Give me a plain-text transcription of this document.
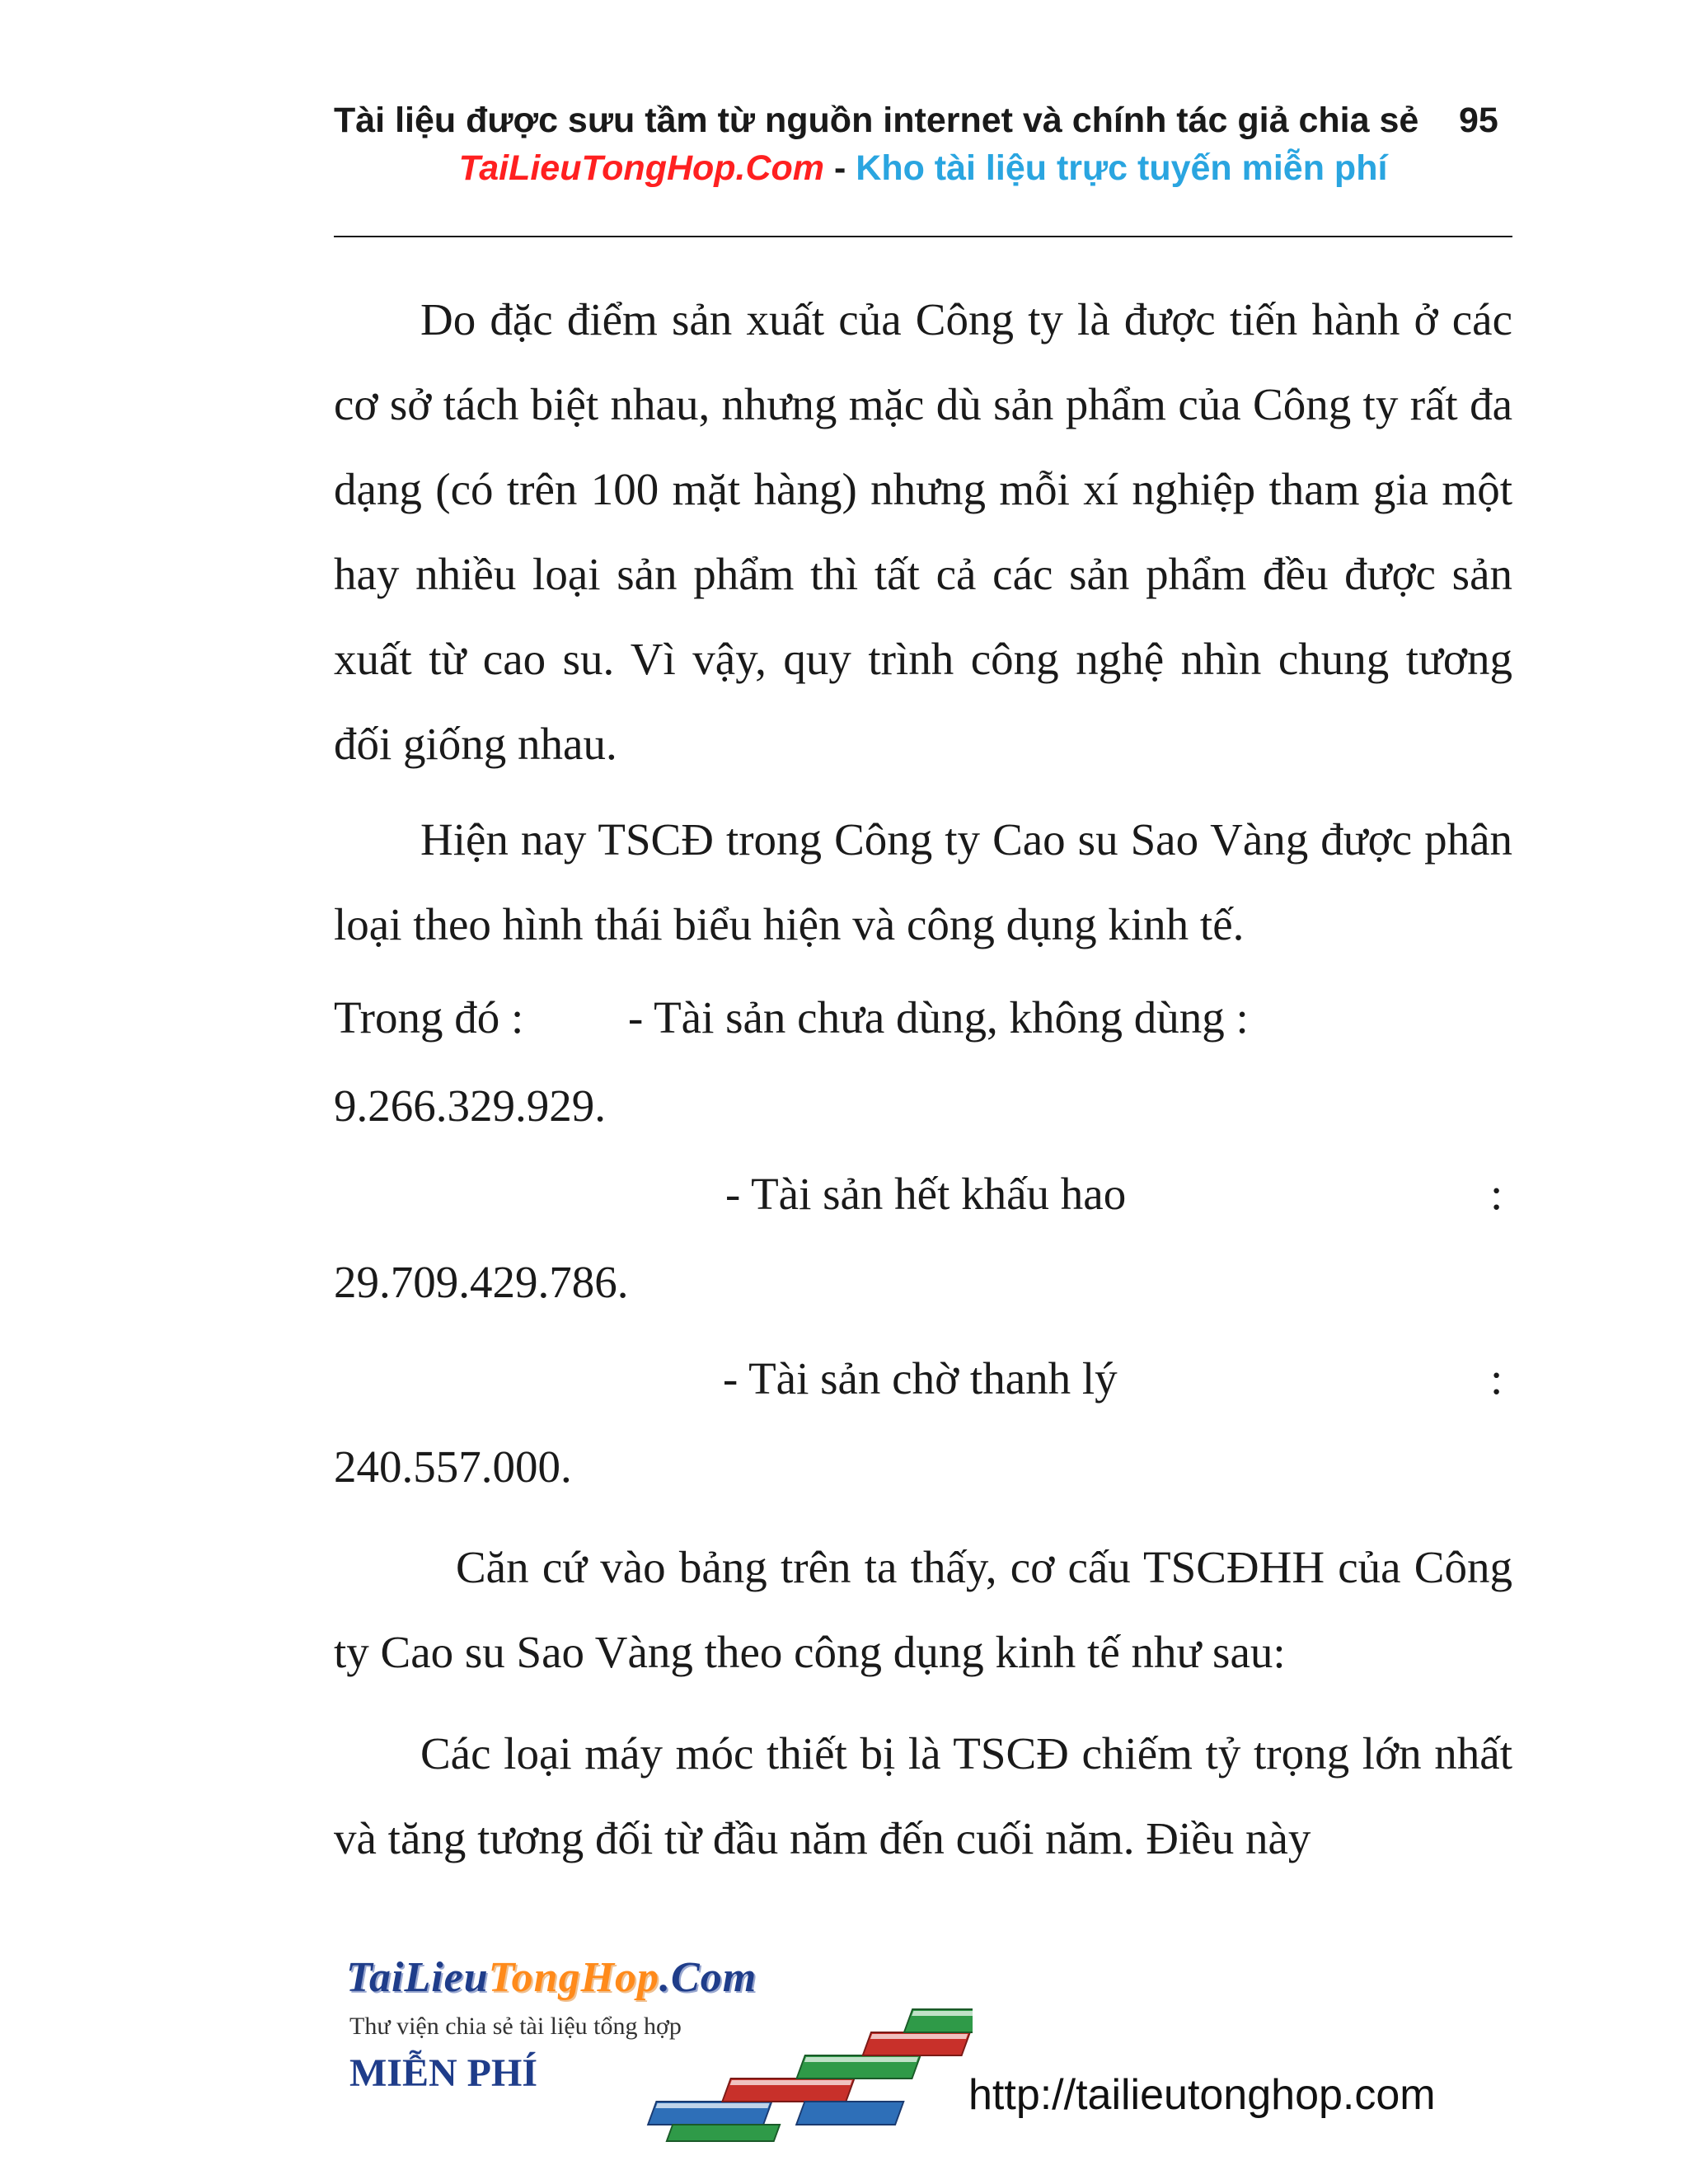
Tài liệu được sưu tầm từ nguồn internet và chính tác giả chia sẻ	95
TaiLieuTongHop.Com - Kho tài liệu trực tuyến miễn phí

Do đặc điểm sản xuất của Công ty là được tiến hành ở các cơ sở tách biệt nhau, nhưng mặc dù sản phẩm của Công ty rất đa dạng (có trên 100 mặt hàng) nhưng mỗi xí nghiệp tham gia một hay nhiều loại sản phẩm thì tất cả các sản phẩm đều được sản xuất từ cao su. Vì vậy, quy trình công nghệ nhìn chung tương đối giống nhau.

Hiện nay TSCĐ trong Công ty Cao su Sao Vàng được phân loại theo hình thái biểu hiện và công dụng kinh tế.

Trong đó : - Tài sản chưa dùng, không dùng :
9.266.329.929.
- Tài sản hết khấu hao	:
29.709.429.786.
- Tài sản chờ thanh lý	:
240.557.000.

Căn cứ vào bảng trên ta thấy, cơ cấu TSCĐHH của Công ty Cao su Sao Vàng theo công dụng kinh tế như sau:

Các loại máy móc thiết bị là TSCĐ chiếm tỷ trọng lớn nhất và tăng tương đối từ đầu năm đến cuối năm. Điều này

TaiLieuTongHop.Com
Thư viện chia sẻ tài liệu tổng hợp
MIỄN PHÍ	http://tailieutonghop.com
